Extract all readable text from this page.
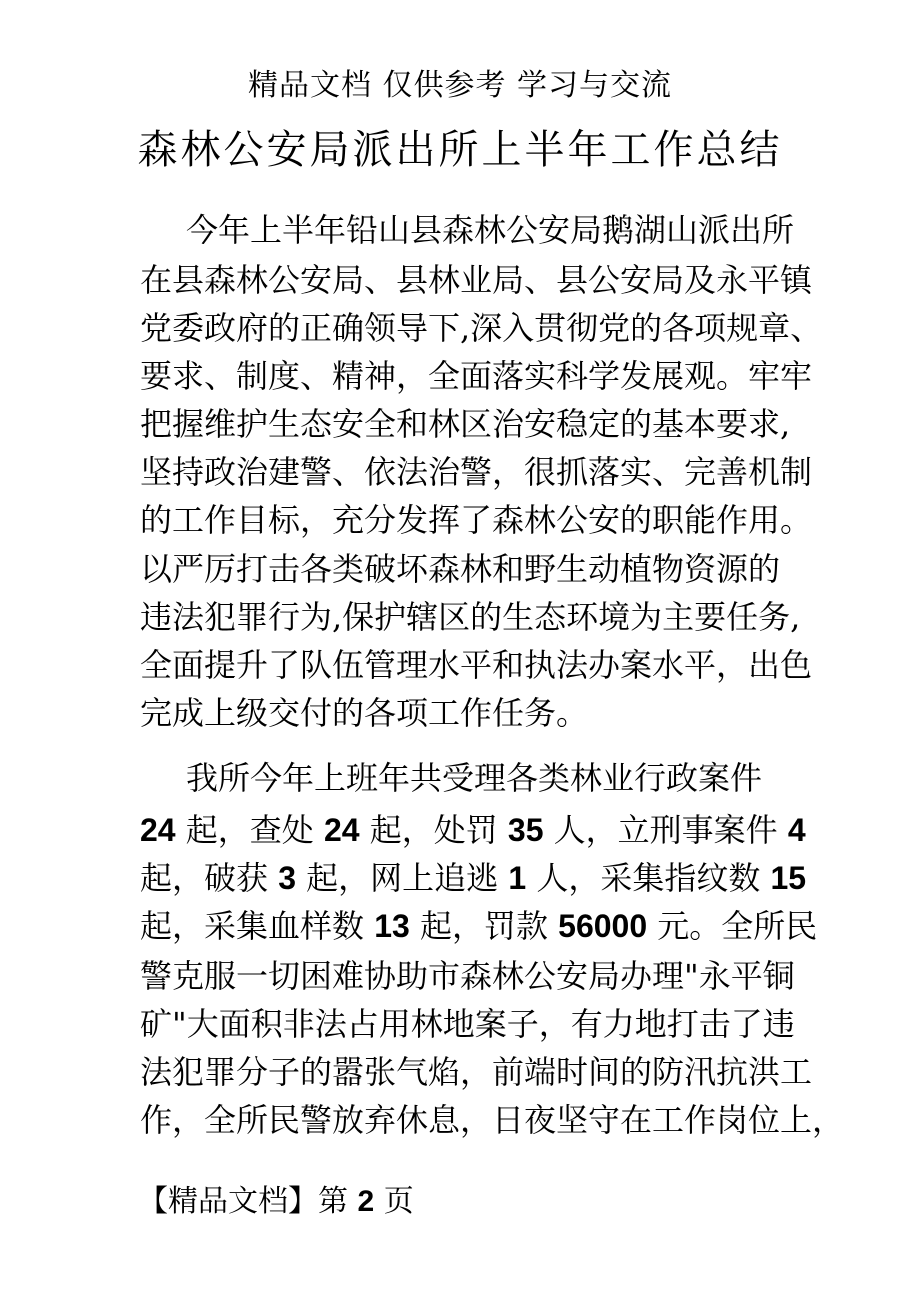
精品文档 仅供参考 学习与交流
森林公安局派出所上半年工作总结
今年上半年铅山县森林公安局鹅湖山派出所
在县森林公安局、县林业局、县公安局及永平镇
党委政府的正确领导下,深入贯彻党的各项规章、
要求、制度、精神，全面落实科学发展观。牢牢
把握维护生态安全和林区治安稳定的基本要求,
坚持政治建警、依法治警，很抓落实、完善机制
的工作目标，充分发挥了森林公安的职能作用。
以严厉打击各类破坏森林和野生动植物资源的
违法犯罪行为,保护辖区的生态环境为主要任务,
全面提升了队伍管理水平和执法办案水平，出色
完成上级交付的各项工作任务。
我所今年上班年共受理各类林业行政案件
24 起，查处 24 起，处罚 35 人，立刑事案件 4
起，破获 3 起，网上追逃 1 人，采集指纹数 15
起，采集血样数 13 起，罚款 56000 元。全所民
警克服一切困难协助市森林公安局办理"永平铜
矿"大面积非法占用林地案子，有力地打击了违
法犯罪分子的嚣张气焰，前端时间的防汛抗洪工
作，全所民警放弃休息，日夜坚守在工作岗位上，
【精品文档】第 2 页
